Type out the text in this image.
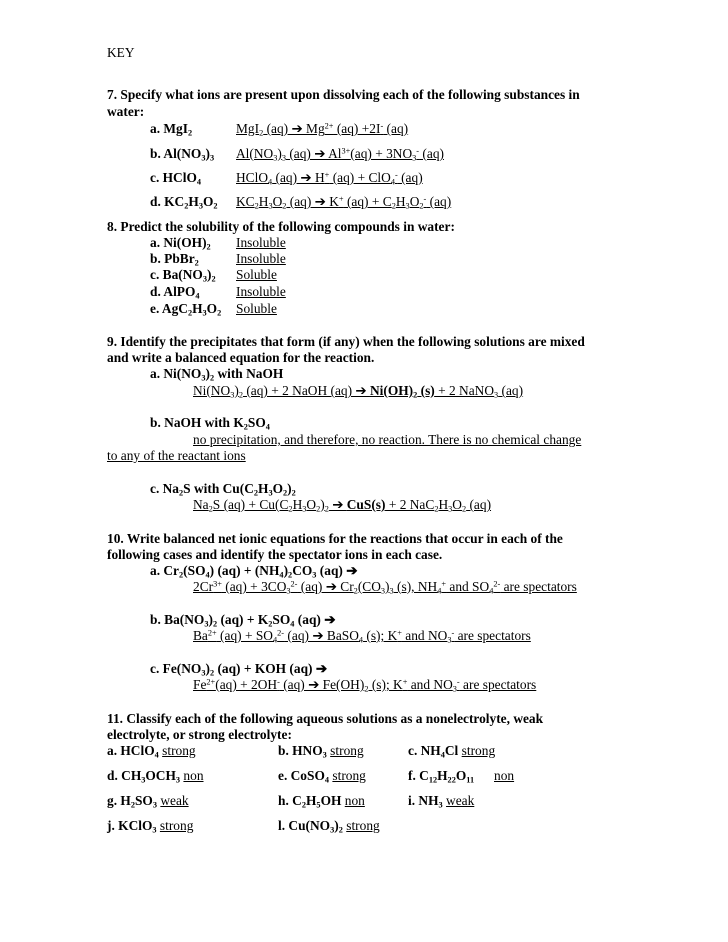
KEY
7. Specify what ions are present upon dissolving each of the following substances in
water:
a. MgI$_2$	MgI$_2$ (aq) ➔ $Mg^{2+}$ (aq) +2I- (aq)
b. $Al(NO_3)_3$ $Al(NO_3)_3$ (aq) ➔ $Al^{3+}(aq) + 3NO_3^-$ (aq)
c. HClO$_4$	HClO$_4$ (aq) ➔ H+ (aq) + ClO$_4$- (aq)
d. $KC_2H_3O_2$ $KC_2H_3O_2$ (aq) ➔ K+ $(aq) + C_2H_3O_2^-$ (aq)
8. Predict the solubility of the following compounds in water:
a. $Ni(OH)_2$ Insoluble
b. PbBr$_2$	Insoluble
c. $Ba(NO_3)_2$ Soluble
d. AlPO$_4$	Insoluble
e. $AgC_2H_3O_2$ Soluble
9. Identify the precipitates that form (if any) when the following solutions are mixed
and write a balanced equation for the reaction.
a. $Ni(NO_3)_2$ with NaOH
$Ni(NO_3)_2$ (aq) + 2 NaOH (aq) ➔ $Ni(OH)_2$ (s) + 2 NaNO$_3$ (aq)
b. NaOH with $K_2SO_4$
no precipitation, and therefore, no reaction. There is no chemical change
to any of the reactant ions
c. $Na_2S$ with $Cu(C_2H_3O_2)_2$
$Na_2S$ $(aq) + Cu(C_2H_3O_2)_2$ ➔ CuS(s) + 2 $NaC_2H_3O_2$ (aq)
10. Write balanced net ionic equations for the reactions that occur in each of the
following cases and identify the spectator ions in each case.
a. $Cr_2(SO_4) (aq) + (NH_4)_2CO_3$ (aq) ➔
$2Cr^{3+}$ $(aq) + 3CO_3^{2-}$ (aq) ➔ $Cr_2(CO_3)_3$ (s), $NH_4^+$ and $SO_4^{2-}$ are spectators
b. $Ba(NO_3)_2$ $(aq) + K_2SO_4$ (aq) ➔
$Ba^{2+}$ $(aq) + SO_4^{2-}$ (aq) ➔ BaSO$_4$ (s); K+ and $NO_3^-$ are spectators
c. $Fe(NO_3)_2$ (aq) + KOH (aq) ➔
$Fe^{2+}(aq) + 2OH^-$ (aq) ➔ $Fe(OH)_2$ (s); K+ and $NO_3^-$ are spectators
11. Classify each of the following aqueous solutions as a nonelectrolyte, weak
electrolyte, or strong electrolyte:
a. HClO$_4$ strong	b. $HNO_3$ strong	c. $NH_4Cl$ strong
d. $CH_3OCH_3$ non	e. CoSO$_4$ strong	f. $C_{12}H_{22}O_{11}$ non
g. $H_2SO_3$ weak	h. $C_2H_5OH$ non	i. $NH_3$ weak
j. KClO$_3$ strong	l. $Cu(NO_3)_2$ strong
